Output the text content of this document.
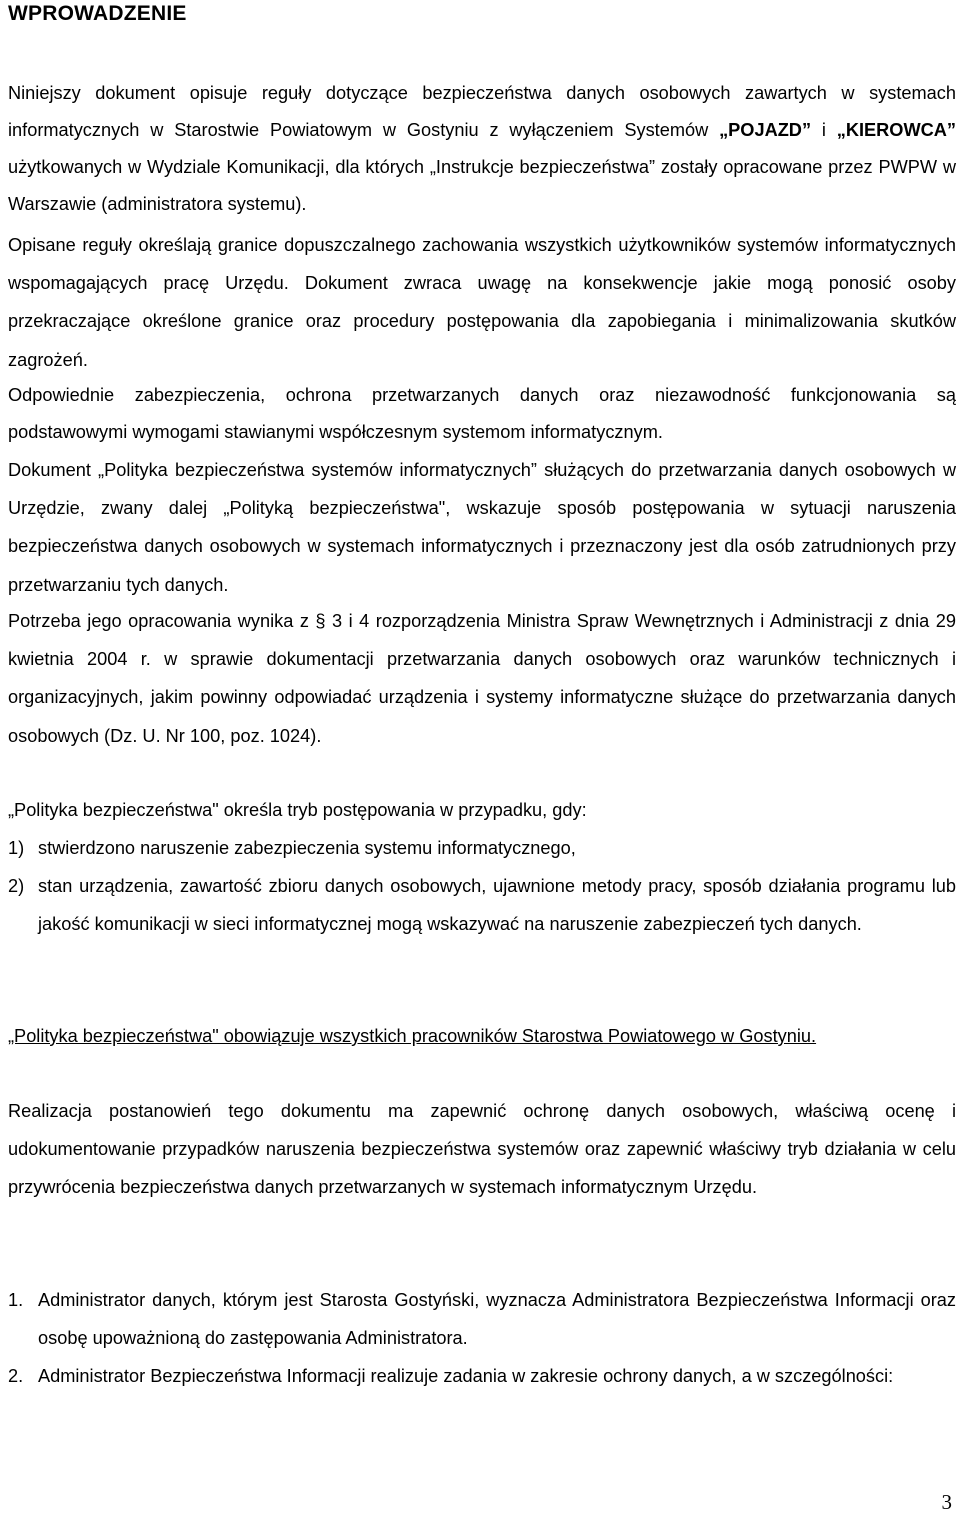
WPROWADZENIE

Niniejszy dokument opisuje reguły dotyczące bezpieczeństwa danych osobowych zawartych w systemach informatycznych w Starostwie Powiatowym w Gostyniu z wyłączeniem Systemów „POJAZD” i „KIEROWCA” użytkowanych w Wydziale Komunikacji, dla których „Instrukcje bezpieczeństwa” zostały opracowane przez PWPW w Warszawie (administratora systemu).

Opisane reguły określają granice dopuszczalnego zachowania wszystkich użytkowników systemów informatycznych wspomagających pracę Urzędu. Dokument zwraca uwagę na konsekwencje jakie mogą ponosić osoby przekraczające określone granice oraz procedury postępowania dla zapobiegania i minimalizowania skutków zagrożeń.

Odpowiednie zabezpieczenia, ochrona przetwarzanych danych oraz niezawodność funkcjonowania są podstawowymi wymogami stawianymi współczesnym systemom informatycznym.

Dokument „Polityka bezpieczeństwa systemów informatycznych” służących do przetwarzania danych osobowych w Urzędzie, zwany dalej „Polityką bezpieczeństwa", wskazuje sposób postępowania w sytuacji naruszenia bezpieczeństwa danych osobowych w systemach informatycznych i przeznaczony jest dla osób zatrudnionych przy przetwarzaniu tych danych.

Potrzeba jego opracowania wynika z § 3 i 4 rozporządzenia Ministra Spraw Wewnętrznych i Administracji z dnia 29 kwietnia 2004 r. w sprawie dokumentacji przetwarzania danych osobowych oraz warunków technicznych i organizacyjnych, jakim powinny odpowiadać urządzenia i systemy informatyczne służące do przetwarzania danych osobowych (Dz. U. Nr 100, poz. 1024).

„Polityka bezpieczeństwa" określa tryb postępowania w przypadku, gdy:

1) stwierdzono naruszenie zabezpieczenia systemu informatycznego,
2) stan urządzenia, zawartość zbioru danych osobowych, ujawnione metody pracy, sposób działania programu lub jakość komunikacji w sieci informatycznej mogą wskazywać na naruszenie zabezpieczeń tych danych.

„Polityka bezpieczeństwa" obowiązuje wszystkich pracowników Starostwa Powiatowego w Gostyniu.

Realizacja postanowień tego dokumentu ma zapewnić ochronę danych osobowych, właściwą ocenę i udokumentowanie przypadków naruszenia bezpieczeństwa systemów oraz zapewnić właściwy tryb działania w celu przywrócenia bezpieczeństwa danych przetwarzanych w systemach informatycznym Urzędu.

1. Administrator danych, którym jest Starosta Gostyński, wyznacza Administratora Bezpieczeństwa Informacji oraz osobę upoważnioną do zastępowania Administratora.
2. Administrator Bezpieczeństwa Informacji realizuje zadania w zakresie ochrony danych, a w szczególności:
3
